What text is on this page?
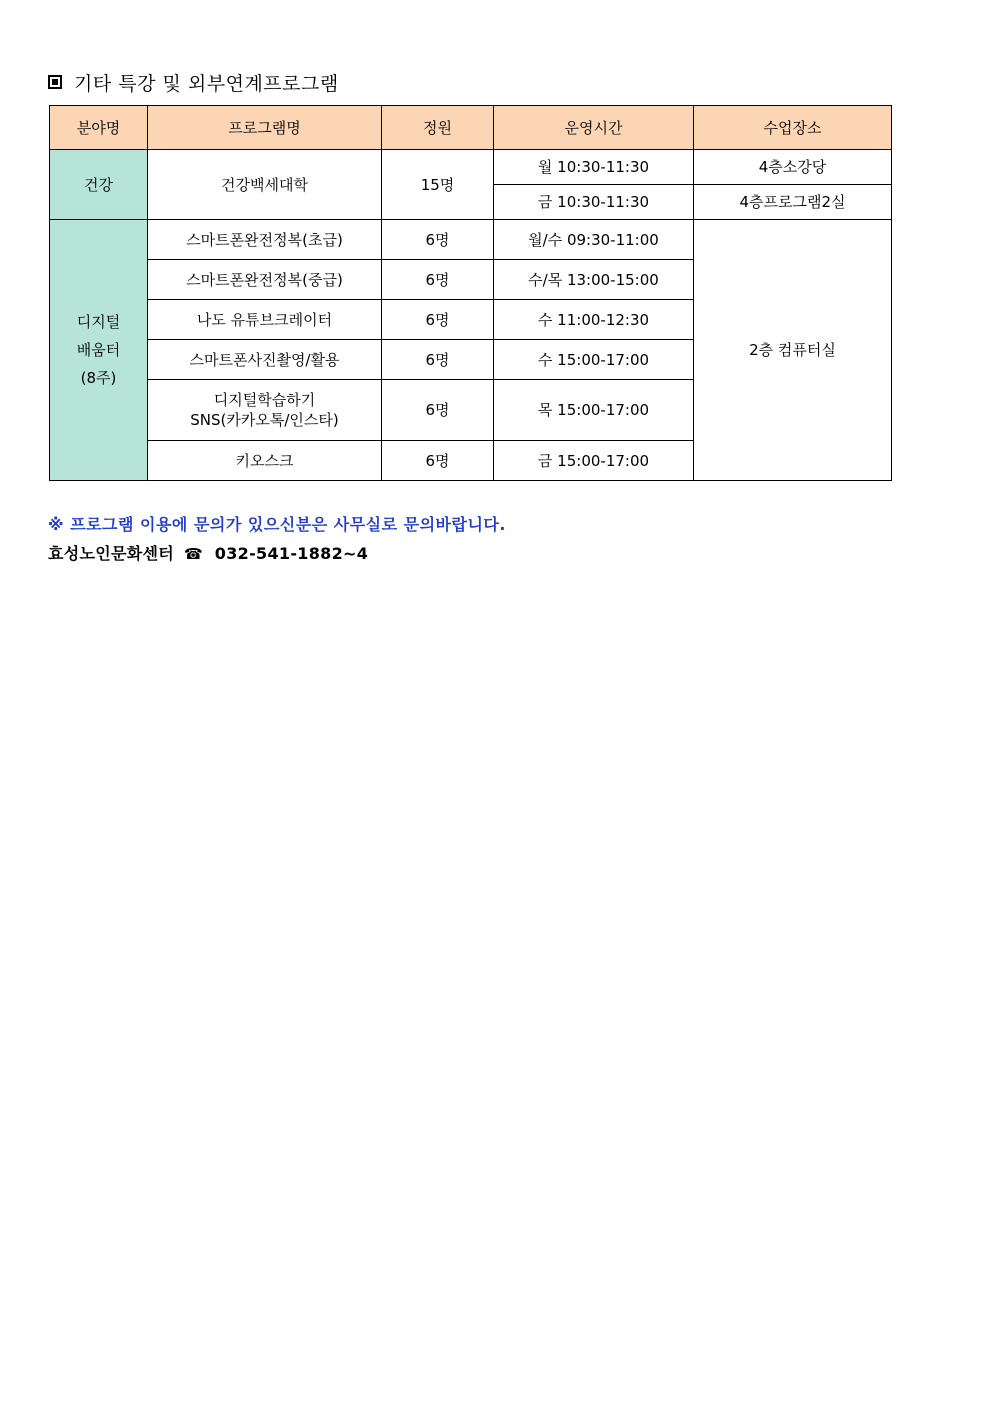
기타 특강 및 외부연계프로그램
분야명	프로그램명	정원	운영시간	수업장소
건강	건강백세대학	15명	월 10:30-11:30	4층소강당
			금 10:30-11:30	4층프로그램2실

디지털
배움터
(8주)	스마트폰완전정복(초급)	6명	월/수 09:30-11:00	2층 컴퓨터실
	스마트폰완전정복(중급)	6명	수/목 13:00-15:00	
	나도 유튜브크레이터	6명	수 11:00-12:30	
	스마트폰사진촬영/활용	6명	수 15:00-17:00	

	디지털학습하기
SNS(카카오톡/인스타)	6명	목 15:00-17:00	
	키오스크	6명	금 15:00-17:00	
※ 프로그램 이용에 문의가 있으신분은 사무실로 문의바랍니다.
효성노인문화센터 ☎ 032-541-1882~4
